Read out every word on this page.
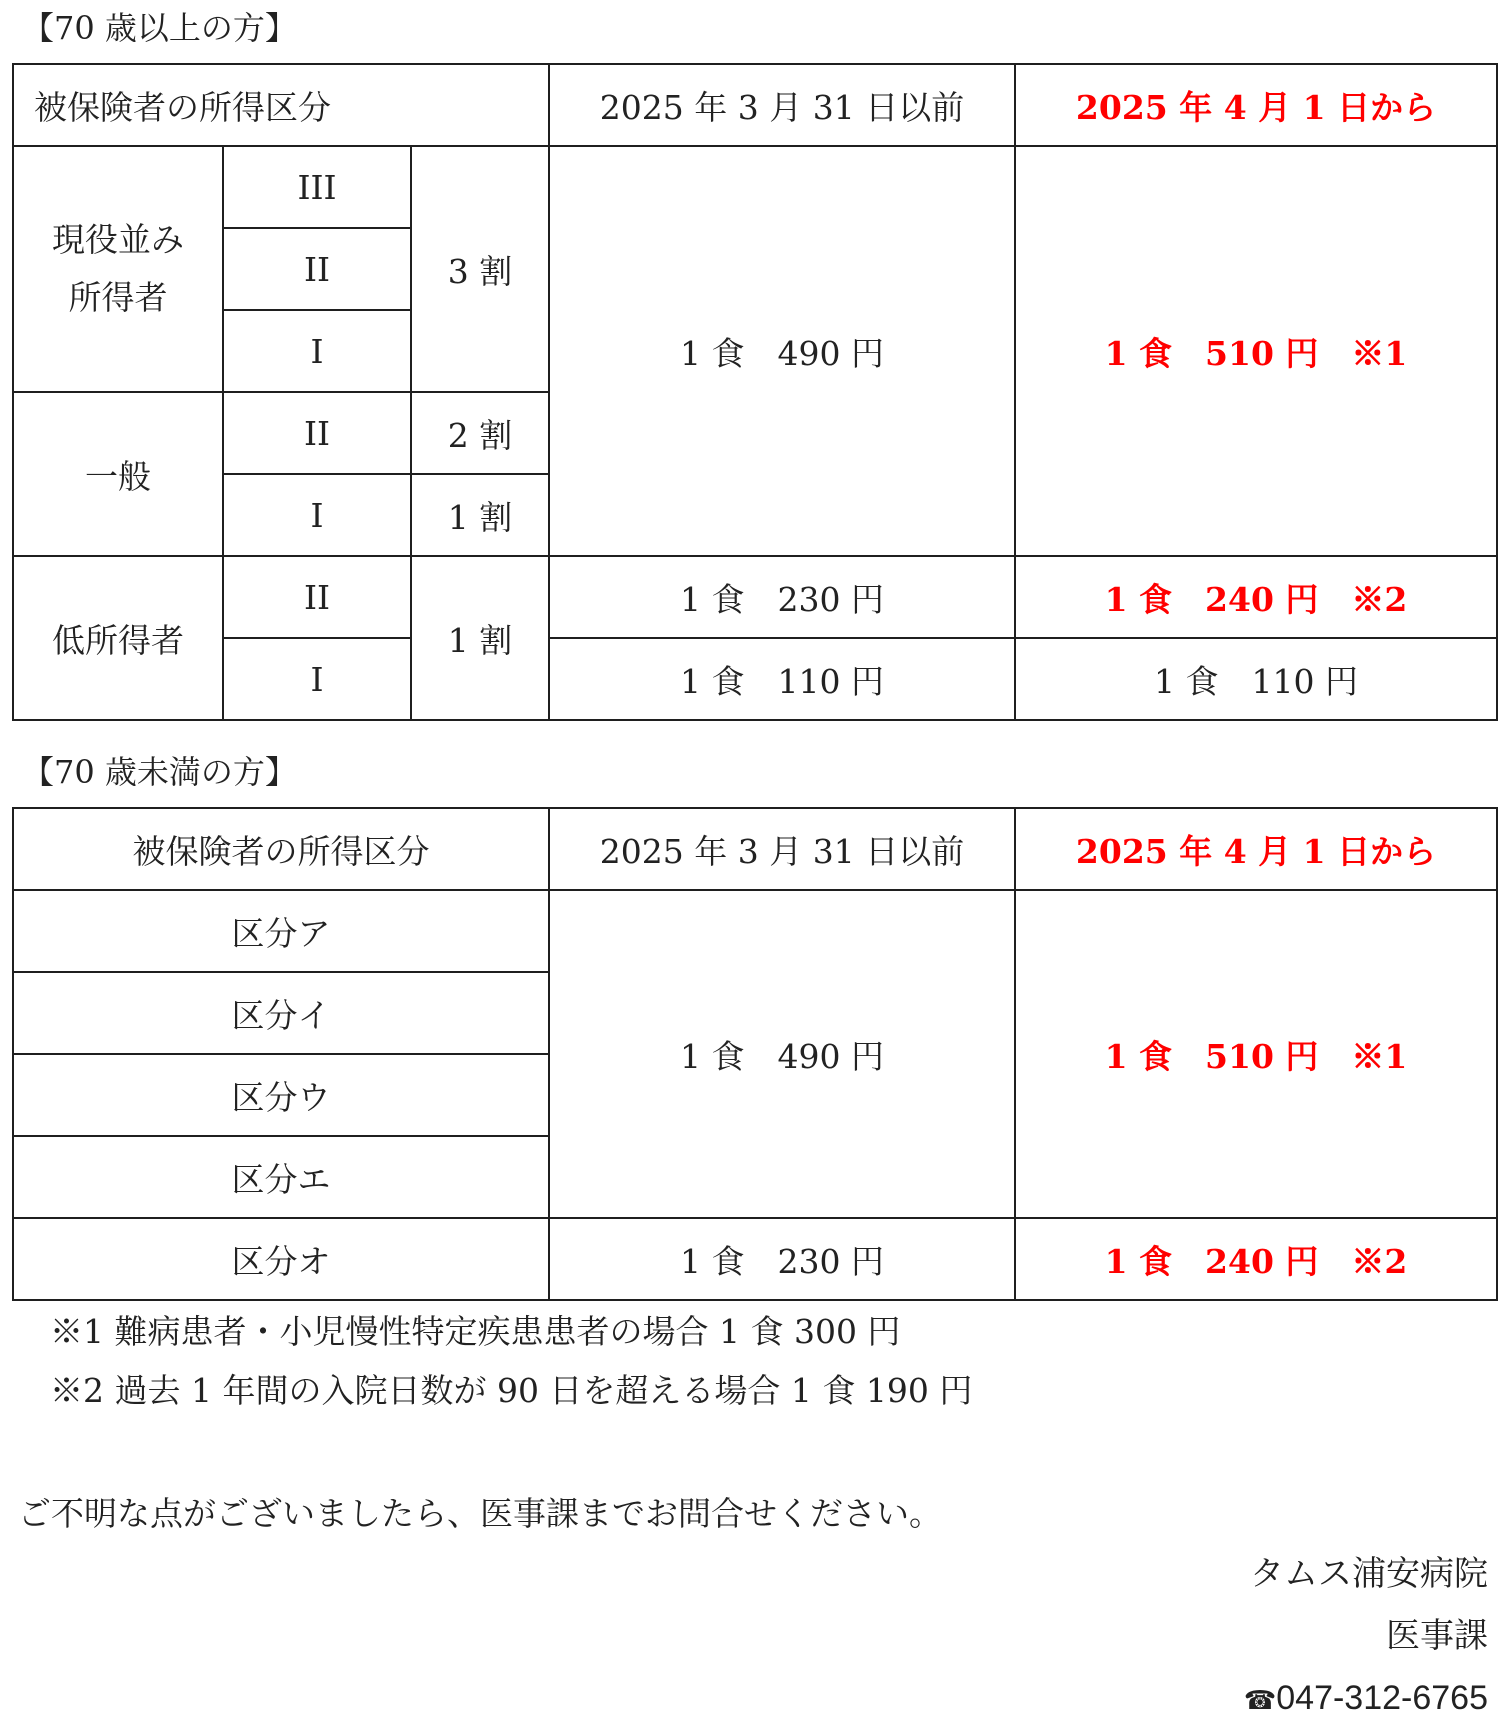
【70 歳以上の方】
被保険者の所得区分			2025 年 3 月 31 日以前	2025 年 4 月 1 日から

現役並み
所得者	III	3 割	1 食　490 円	1 食　510 円　※1
	II			
	I			
一般	II	2 割		
	I	1 割		
低所得者	II	1 割	1 食　230 円	1 食　240 円　※2
	I		1 食　110 円	1 食　110 円
【70 歳未満の方】
被保険者の所得区分	2025 年 3 月 31 日以前	2025 年 4 月 1 日から
区分ア	1 食　490 円	1 食　510 円　※1
区分イ		
区分ウ		
区分エ		
区分オ	1 食　230 円	1 食　240 円　※2
※1 難病患者・小児慢性特定疾患患者の場合 1 食 300 円
※2 過去 1 年間の入院日数が 90 日を超える場合 1 食 190 円
ご不明な点がございましたら、医事課までお問合せください。
タムス浦安病院
医事課
☎047-312-6765
